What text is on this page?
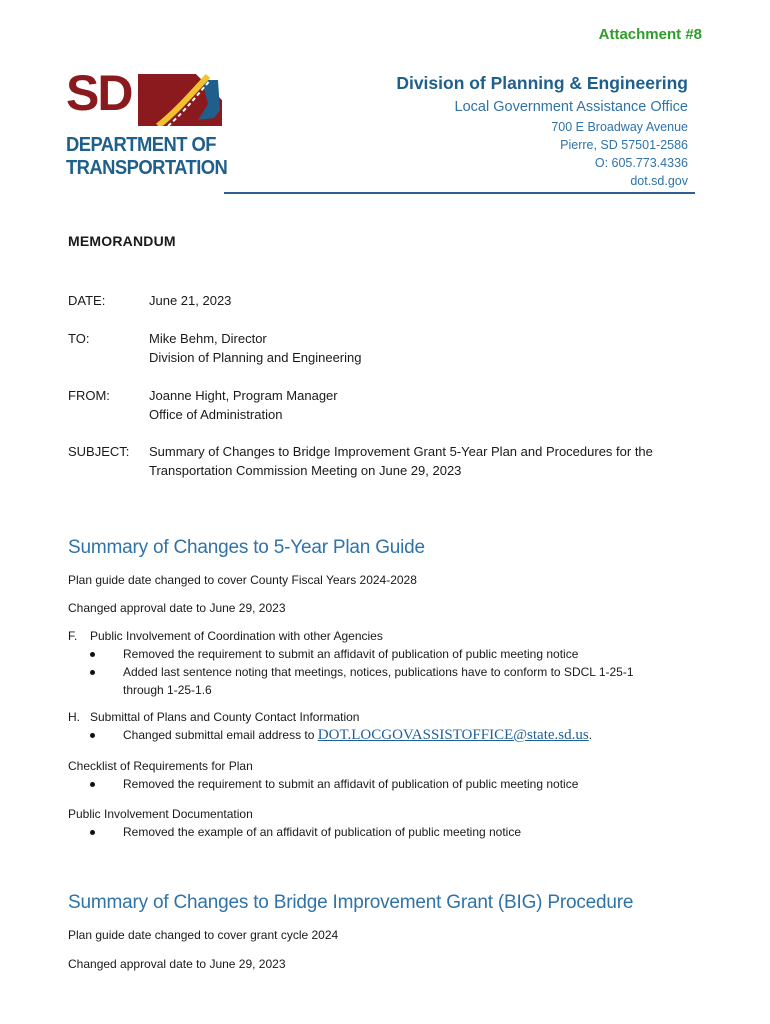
Attachment #8
SD
DEPARTMENT OF
TRANSPORTATION
Division of Planning & Engineering
Local Government Assistance Office
700 E Broadway Avenue
Pierre, SD 57501-2586
O: 605.773.4336
dot.sd.gov
MEMORANDUM
DATE:	June 21, 2023
TO:	Mike Behm, Director
Division of Planning and Engineering
FROM:	Joanne Hight, Program Manager
Office of Administration
SUBJECT:	Summary of Changes to Bridge Improvement Grant 5-Year Plan and Procedures for the
Transportation Commission Meeting on June 29, 2023
Summary of Changes to 5-Year Plan Guide
Plan guide date changed to cover County Fiscal Years 2024-2028
Changed approval date to June 29, 2023
F. Public Involvement of Coordination with other Agencies
Removed the requirement to submit an affidavit of publication of public meeting notice
Added last sentence noting that meetings, notices, publications have to conform to SDCL 1-25-1
through 1-25-1.6
H. Submittal of Plans and County Contact Information
Changed submittal email address to DOT.LOCGOVASSISTOFFICE@state.sd.us.
Checklist of Requirements for Plan
Removed the requirement to submit an affidavit of publication of public meeting notice
Public Involvement Documentation
Removed the example of an affidavit of publication of public meeting notice
Summary of Changes to Bridge Improvement Grant (BIG) Procedure
Plan guide date changed to cover grant cycle 2024
Changed approval date to June 29, 2023
